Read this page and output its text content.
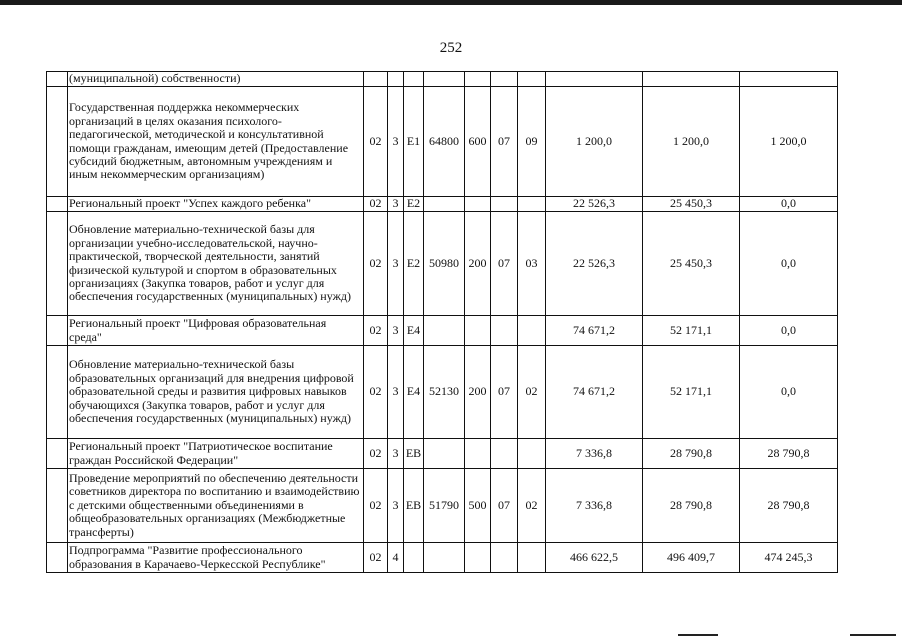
252
	(муниципальной) собственности)										
	Государственная поддержка некоммерческих организаций в целях оказания психолого-педагогической, методической и консультативной помощи гражданам, имеющим детей (Предоставление субсидий бюджетным, автономным учреждениям и иным некоммерческим организациям)	02	3	E1	64800	600	07	09	1 200,0	1 200,0	1 200,0
	Региональный проект "Успех каждого ребенка"	02	3	E2					22 526,3	25 450,3	0,0
	Обновление материально-технической базы для организации учебно-исследовательской, научно-практической, творческой деятельности, занятий физической культурой и спортом в образовательных организациях (Закупка товаров, работ и услуг для обеспечения государственных (муниципальных) нужд)	02	3	E2	50980	200	07	03	22 526,3	25 450,3	0,0
	Региональный проект "Цифровая образовательная среда"	02	3	E4					74 671,2	52 171,1	0,0
	Обновление материально-технической базы образовательных организаций для внедрения цифровой образовательной среды и развития цифровых навыков обучающихся (Закупка товаров, работ и услуг для обеспечения государственных (муниципальных) нужд)	02	3	E4	52130	200	07	02	74 671,2	52 171,1	0,0
	Региональный проект "Патриотическое воспитание граждан Российской Федерации"	02	3	EB					7 336,8	28 790,8	28 790,8
	Проведение мероприятий по обеспечению деятельности советников директора по воспитанию и взаимодействию с детскими общественными объединениями в общеобразовательных организациях (Межбюджетные трансферты)	02	3	EB	51790	500	07	02	7 336,8	28 790,8	28 790,8
	Подпрограмма "Развитие профессионального образования в Карачаево-Черкесской Республике"	02	4						466 622,5	496 409,7	474 245,3
